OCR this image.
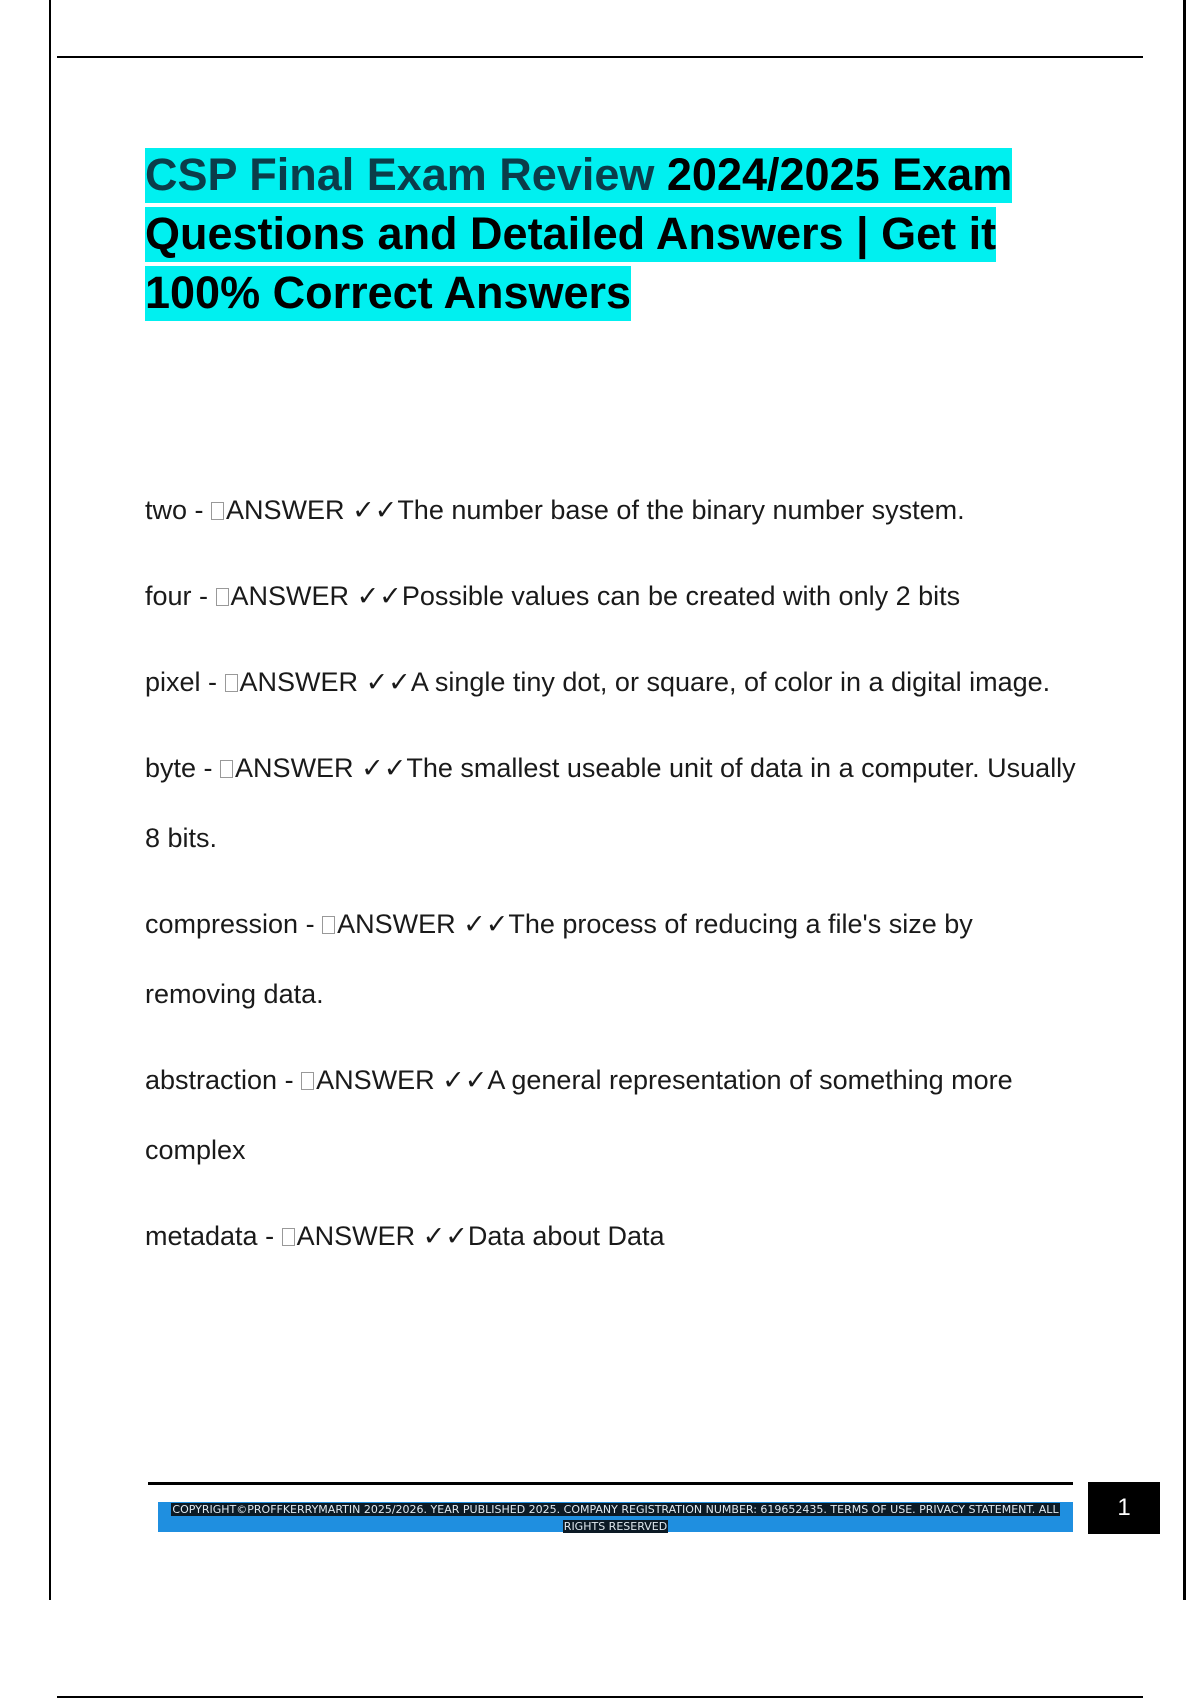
CSP Final Exam Review 2024/2025 Exam Questions and Detailed Answers | Get it 100% Correct Answers
two - ANSWER ✓✓The number base of the binary number system.
four - ANSWER ✓✓Possible values can be created with only 2 bits
pixel - ANSWER ✓✓A single tiny dot, or square, of color in a digital image.
byte - ANSWER ✓✓The smallest useable unit of data in a computer. Usually 8 bits.
compression - ANSWER ✓✓The process of reducing a file's size by removing data.
abstraction - ANSWER ✓✓A general representation of something more complex
metadata - ANSWER ✓✓Data about Data
COPYRIGHT©PROFFKERRYMARTIN 2025/2026. YEAR PUBLISHED 2025. COMPANY REGISTRATION NUMBER: 619652435. TERMS OF USE. PRIVACY STATEMENT. ALL RIGHTS RESERVED
1
